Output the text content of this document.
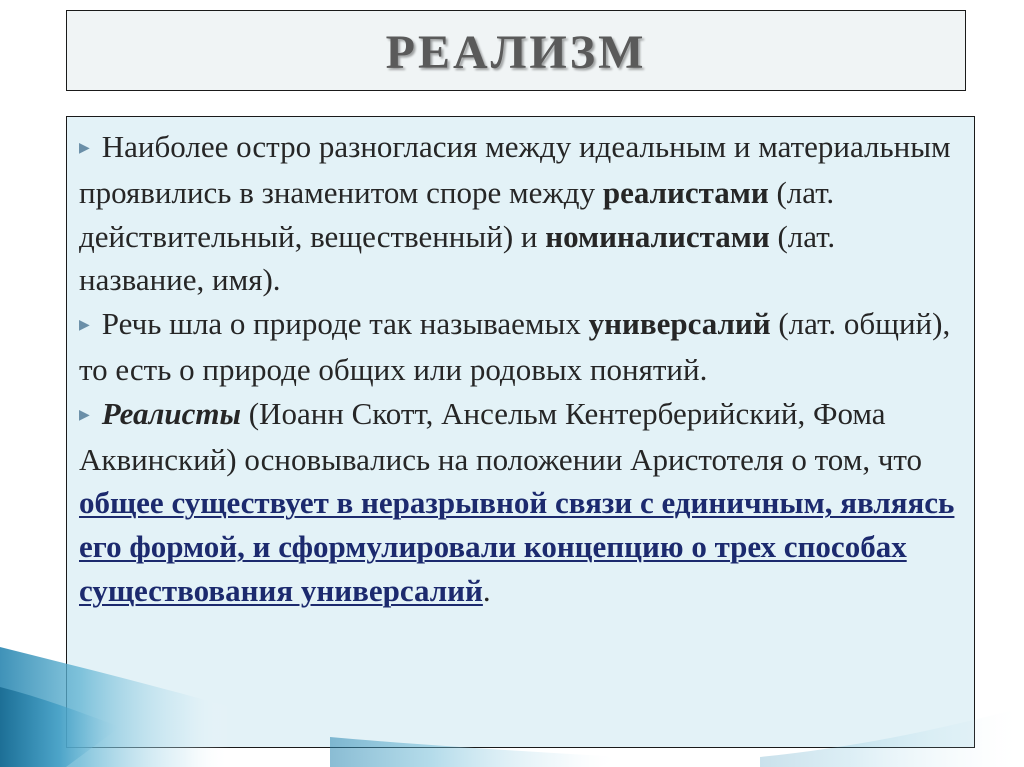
РЕАЛИЗМ

▶ Наиболее остро разногласия между идеальным и материальным проявились в знаменитом споре между реалистами (лат. действительный, вещественный) и номиналистами (лат. название, имя).
▶ Речь шла о природе так называемых универсалий (лат. общий), то есть о природе общих или родовых понятий.
▶ Реалисты (Иоанн Скотт, Ансельм Кентерберийский, Фома Аквинский) основывались на положении Аристотеля о том, что общее существует в неразрывной связи с единичным, являясь его формой, и сформулировали концепцию о трех способах существования универсалий.
